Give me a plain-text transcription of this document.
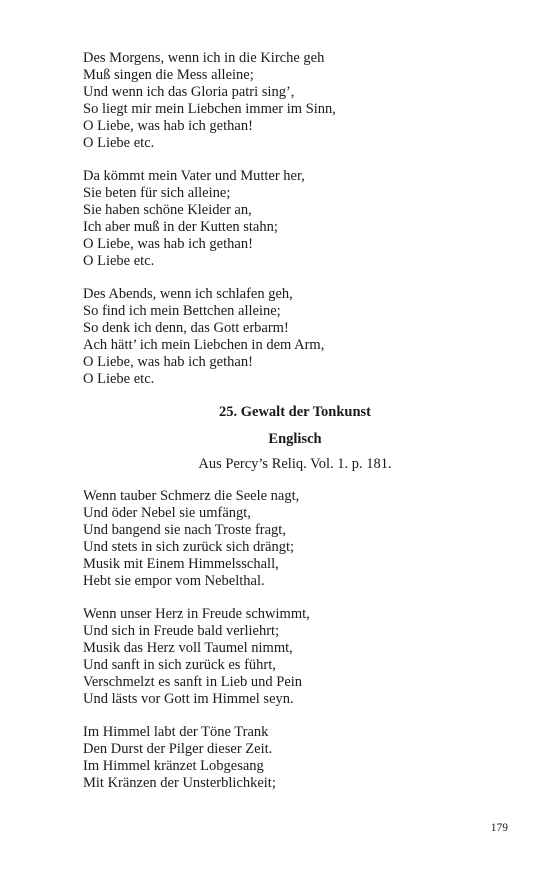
Des Morgens, wenn ich in die Kirche geh
Muß singen die Mess alleine;
Und wenn ich das Gloria patri sing’,
So liegt mir mein Liebchen immer im Sinn,
O Liebe, was hab ich gethan!
O Liebe etc.
Da kömmt mein Vater und Mutter her,
Sie beten für sich alleine;
Sie haben schöne Kleider an,
Ich aber muß in der Kutten stahn;
O Liebe, was hab ich gethan!
O Liebe etc.
Des Abends, wenn ich schlafen geh,
So find ich mein Bettchen alleine;
So denk ich denn, das Gott erbarm!
Ach hätt’ ich mein Liebchen in dem Arm,
O Liebe, was hab ich gethan!
O Liebe etc.
25. Gewalt der Tonkunst
Englisch
Aus Percy’s Reliq. Vol. 1. p. 181.
Wenn tauber Schmerz die Seele nagt,
Und öder Nebel sie umfängt,
Und bangend sie nach Troste fragt,
Und stets in sich zurück sich drängt;
Musik mit Einem Himmelsschall,
Hebt sie empor vom Nebelthal.
Wenn unser Herz in Freude schwimmt,
Und sich in Freude bald verliehrt;
Musik das Herz voll Taumel nimmt,
Und sanft in sich zurück es führt,
Verschmelzt es sanft in Lieb und Pein
Und lästs vor Gott im Himmel seyn.
Im Himmel labt der Töne Trank
Den Durst der Pilger dieser Zeit.
Im Himmel kränzet Lobgesang
Mit Kränzen der Unsterblichkeit;
179
